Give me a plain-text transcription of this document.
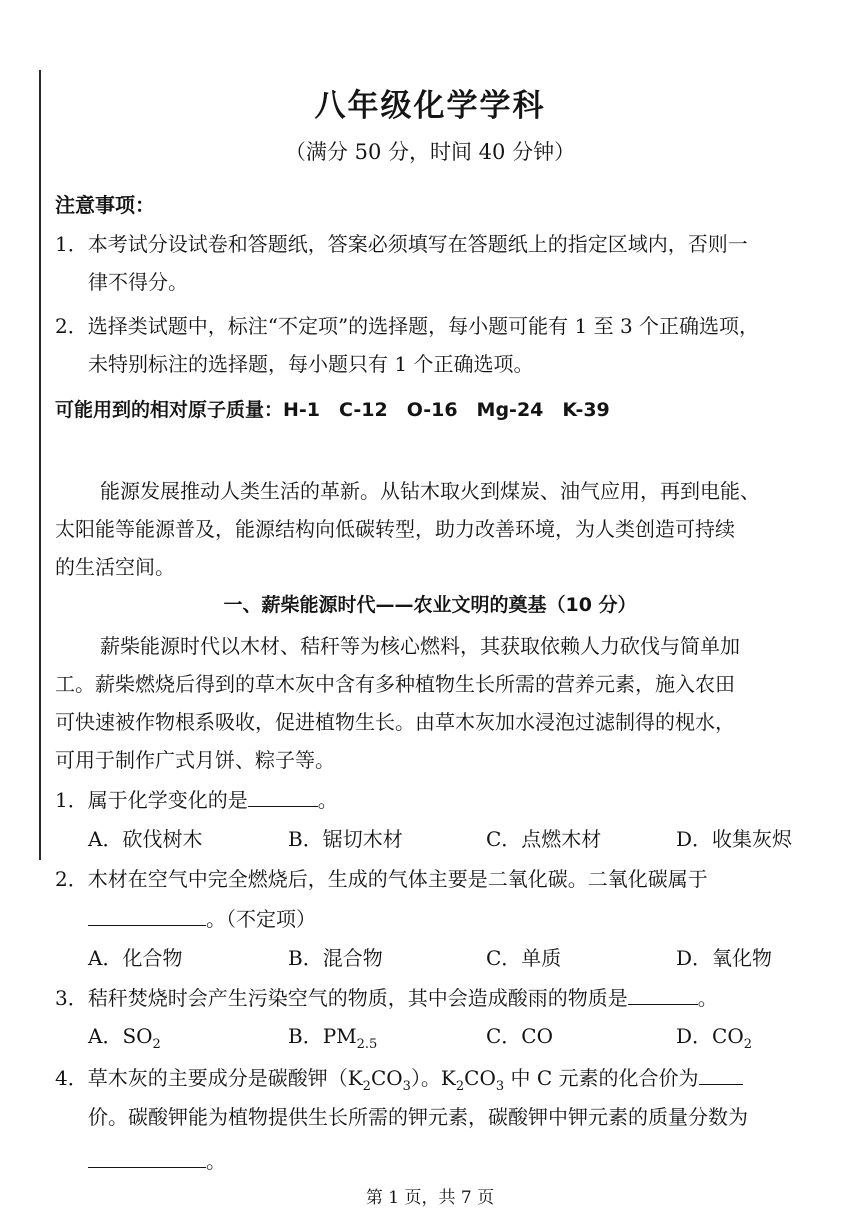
八年级化学学科
（满分 50 分，时间 40 分钟）
注意事项：
1．本考试分设试卷和答题纸，答案必须填写在答题纸上的指定区域内，否则一
律不得分。
2．选择类试题中，标注“不定项”的选择题，每小题可能有 1 至 3 个正确选项，
未特别标注的选择题，每小题只有 1 个正确选项。
可能用到的相对原子质量：H-1　C-12　O-16　Mg-24　K-39
能源发展推动人类生活的革新。从钻木取火到煤炭、油气应用，再到电能、
太阳能等能源普及，能源结构向低碳转型，助力改善环境，为人类创造可持续
的生活空间。
一、薪柴能源时代——农业文明的奠基（10 分）
薪柴能源时代以木材、秸秆等为核心燃料，其获取依赖人力砍伐与简单加
工。薪柴燃烧后得到的草木灰中含有多种植物生长所需的营养元素，施入农田
可快速被作物根系吸收，促进植物生长。由草木灰加水浸泡过滤制得的枧水，
可用于制作广式月饼、粽子等。
1．属于化学变化的是	。
A．砍伐树木	B．锯切木材	C．点燃木材	D．收集灰烬
2．木材在空气中完全燃烧后，生成的气体主要是二氧化碳。二氧化碳属于
。（不定项）
A．化合物	B．混合物	C．单质	D．氧化物
3．秸秆焚烧时会产生污染空气的物质，其中会造成酸雨的物质是	。
A．$SO_2$	B．$PM_{2.5}$	C．CO	D．$CO_2$
4．草木灰的主要成分是碳酸钾$(K_2CO_3)$。$K_2CO_3$ 中 C 元素的化合价为
价。碳酸钾能为植物提供生长所需的钾元素，碳酸钾中钾元素的质量分数为
。
第 1 页，共 7 页
